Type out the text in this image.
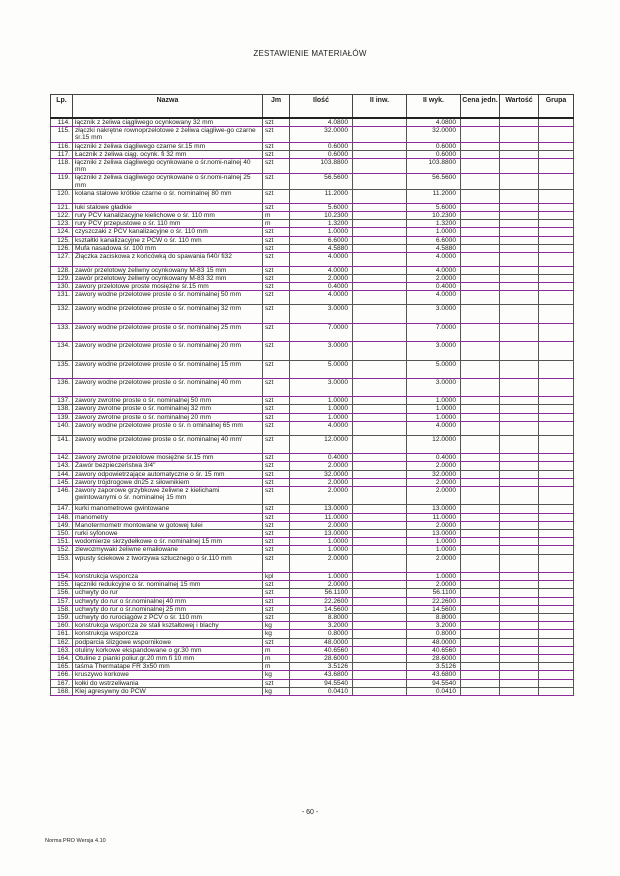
ZESTAWIENIE MATERIAŁÓW
Lp.	Nazwa	Jm	Ilość	II inw.	II wyk.	Cena jedn.	Wartość	Grupa
114.	łącznik z żeliwa ciągliwego ocynkowany 32 mm	szt	4.0800		4.0800			
115.	złączki nakrętne rownoprzelotowe z żeliwa ciągliwe-go czarne śr.15 mm	szt	32.0000		32.0000			
116.	łączniki z żeliwa ciągliwego czarne śr.15 mm	szt	0.6000		0.6000			
117.	Łacznik z żeliwa ciąg. ocynk. fi 32 mm	szt	0.6000		0.6000			
118.	łączniki z żeliwa ciągliwego ocynkowane o śr.nomi-nalnej 40 mm	szt	103.8800		103.8800			
119.	łączniki z żeliwa ciągliwego ocynkowane o śr.nomi-nalnej 25 mm	szt	56.5600		56.5600			
120.	kolana stalowe krótkie czarne o śr. nominalnej 80 mm	szt	11.2000		11.2000			
121.	łuki stalowe gładkie	szt	5.6000		5.6000			
122.	rury PCV kanalizacyjne kielichowe o śr. 110 mm	m	10.2300		10.2300			
123.	rury PCV przepustowe o śr. 110 mm	m	1.3200		1.3200			
124.	czyszczaki z PCV kanalizacyjne o śr. 110 mm	szt	1.0000		1.0000			
125.	kształtki kanalizacyjne z PCW o śr. 110 mm	szt	6.6000		6.6000			
126.	Mufa nasadowa śr. 100 mm	szt	4.5880		4.5880			
127.	Złączka zaciskowa z końcówką do spawania fi40/ fi32	szt	4.0000		4.0000			
128.	zawór przelotowy żeliwny ocynkowany M-83 15 mm	szt	4.0000		4.0000			
129.	zawór przelotowy żeliwny ocynkowany M-83 32 mm	szt	2.0000		2.0000			
130.	zawory przelotowe proste mosiężne śr.15 mm	szt	0.4000		0.4000			
131.	zawory wodne przelotowe proste o śr. nominalnej 50 mm	szt	4.0000		4.0000			
132.	zawory wodne przelotowe proste o śr. nominalnej 32 mm	szt	3.0000		3.0000			
133.	zawory wodne przelotowe proste o śr. nominalnej 25 mm	szt	7.0000		7.0000			
134.	zawory wodne przelotowe proste o śr. nominalnej 20 mm	szt	3.0000		3.0000			
135.	zawory wodne przelotowe proste o śr. nominalnej 15 mm	szt	5.0000		5.0000			
136.	zawory wodne przelotowe proste o śr. nominalnej 40 mm	szt	3.0000		3.0000			
137.	zawory zwrotne proste o śr. nominalnej 50 mm	szt	1.0000		1.0000			
138.	zawory zwrotne proste o śr. nominalnej 32 mm	szt	1.0000		1.0000			
139.	zawory zwrotne proste o śr. nominalnej 20 mm	szt	1.0000		1.0000			
140.	zawory wodne przelotowe proste o śr. n ominalnej 65 mm	szt	4.0000		4.0000			
141.	zawory wodne przelotowe proste o śr. nominalnej 40 mm'	szt	12.0000		12.0000			
142.	zawory zwrotne przelotowe mosiężne śr.15 mm	szt	0.4000		0.4000			
143.	Zawór bezpieczeństwa 3/4"	szt	2.0000		2.0000			
144.	zawory odpowietrzające automatyczne o śr. 15 mm	szt	32.0000		32.0000			
145.	zawory trójdrogowe dn25 z siłownikiem	szt	2.0000		2.0000			
146.	zawory zaporowe grzybkowe żeliwne z kielichami gwintowanymi o śr. nominalnej 15 mm	szt	2.0000		2.0000			
147.	kurki manometrowe gwintowane	szt	13.0000		13.0000			
148.	manometry	szt	11.0000		11.0000			
149.	Manotermometr montowane w gotowej tulei	szt	2.0000		2.0000			
150.	rurki syfonowe	szt	13.0000		13.0000			
151.	wodomierze skrzydełkowe o śr. nominalnej 15 mm	szt	1.0000		1.0000			
152.	zlewozmywaki żeliwne emaliowane	szt	1.0000		1.0000			
153.	wpusty ściekowe z tworzywa sztucznego o śr.110 mm	szt	2.0000		2.0000			
154.	konstrukcja wsporcza	kpl	1.0000		1.0000			
155.	łączniki redukcyjne o śr. nominalnej 15 mm	szt	2.0000		2.0000			
156.	uchwyty do rur	szt	56.1100		56.1100			
157.	uchwyty do rur o śr.nominalnej 40 mm	szt	22.2600		22.2600			
158.	uchwyty do rur o śr.nominalnej 25 mm	szt	14.5600		14.5600			
159.	uchwyty do rurociągów z PCV o śr. 110 mm	szt	8.8000		8.8000			
160.	konstrukcja wsporcza ze stali kształtowej i blachy	kg	3.2000		3.2000			
161.	konstrukcja wsporcza	kg	0.8000		0.8000			
162.	podparcia ślizgowe wspornikowe	szt	48.0000		48.0000			
163.	otuliny korkowe ekspandowane o gr.30 mm	m	40.6560		40.6560			
164.	Otuline z pianki poliur.gr.20 mm fi 10 mm	m	28.6000		28.6000			
165.	taśma Thermatape FR 3x50 mm	m	3.5126		3.5126			
166.	kruszywo korkowe	kg	43.6800		43.6800			
167.	kołki do wstrzeliwania	szt	94.5540		94.5540			
168.	Klej agresywny do PCW	kg	0.0410		0.0410			
- 60 -
Norma PRO Wersja 4.10
